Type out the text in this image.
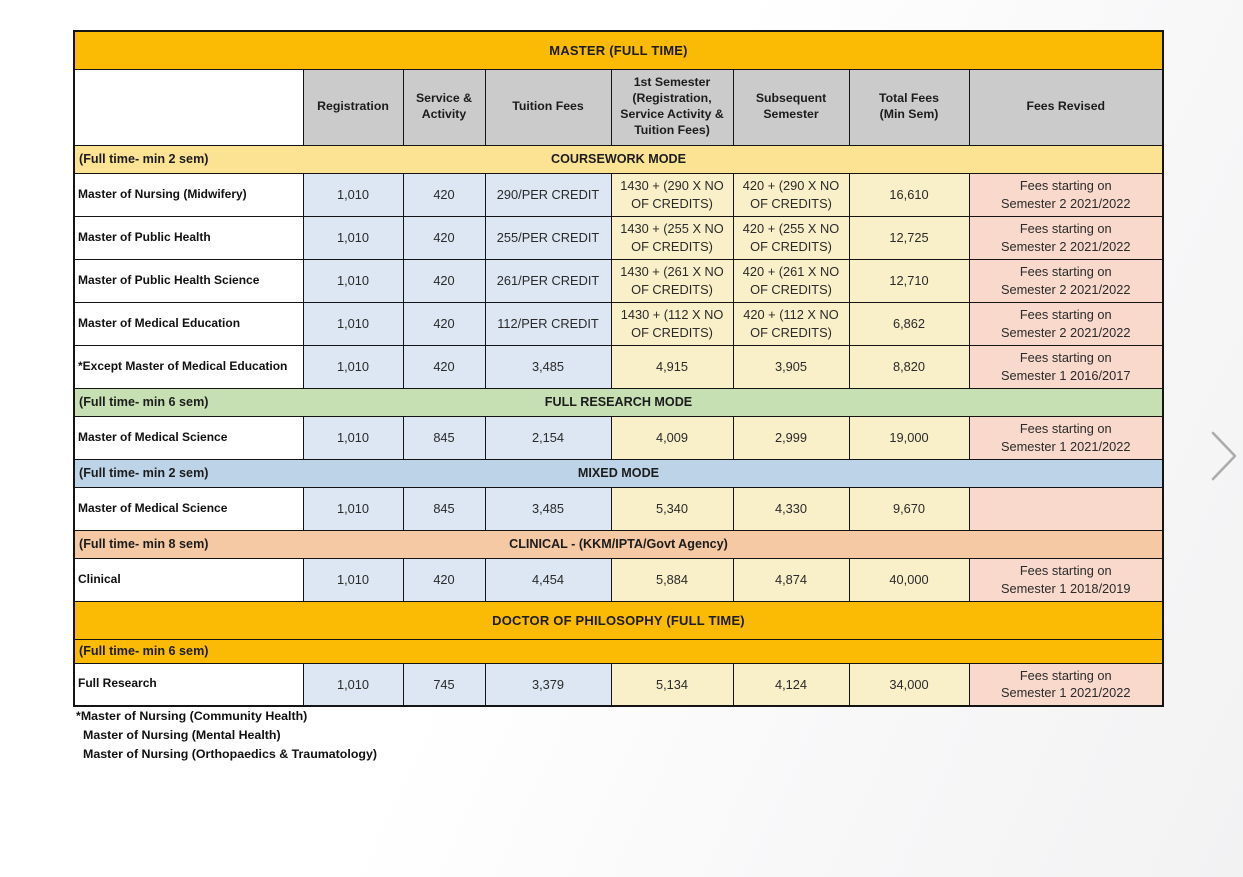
MASTER (FULL TIME)							
	Registration	Service &
Activity	Tuition Fees	1st Semester
(Registration,
Service Activity &
Tuition Fees)	Subsequent
Semester	Total Fees
(Min Sem)	Fees Revised

(Full time- min 2 sem) COURSEWORK MODE							
Master of Nursing (Midwifery)	1,010	420	290/PER CREDIT	1430 + (290 X NO
OF CREDITS)	420 + (290 X NO
OF CREDITS)	16,610	Fees starting on
Semester 2 2021/2022
Master of Public Health	1,010	420	255/PER CREDIT	1430 + (255 X NO
OF CREDITS)	420 + (255 X NO
OF CREDITS)	12,725	Fees starting on
Semester 2 2021/2022
Master of Public Health Science	1,010	420	261/PER CREDIT	1430 + (261 X NO
OF CREDITS)	420 + (261 X NO
OF CREDITS)	12,710	Fees starting on
Semester 2 2021/2022
Master of Medical Education	1,010	420	112/PER CREDIT	1430 + (112 X NO
OF CREDITS)	420 + (112 X NO
OF CREDITS)	6,862	Fees starting on
Semester 2 2021/2022
*Except Master of Medical Education	1,010	420	3,485	4,915	3,905	8,820	Fees starting on
Semester 1 2016/2017

(Full time- min 6 sem) FULL RESEARCH MODE							
Master of Medical Science	1,010	845	2,154	4,009	2,999	19,000	Fees starting on
Semester 1 2021/2022

(Full time- min 2 sem) MIXED MODE							
Master of Medical Science	1,010	845	3,485	5,340	4,330	9,670	

(Full time- min 8 sem) CLINICAL - (KKM/IPTA/Govt Agency)							
Clinical	1,010	420	4,454	5,884	4,874	40,000	Fees starting on
Semester 1 2018/2019
DOCTOR OF PHILOSOPHY (FULL TIME)							

(Full time- min 6 sem)							

Full Research	1,010	745	3,379	5,134	4,124	34,000	Fees starting on
Semester 1 2021/2022
*Master of Nursing (Community Health)
Master of Nursing (Mental Health)
Master of Nursing (Orthopaedics & Traumatology)
